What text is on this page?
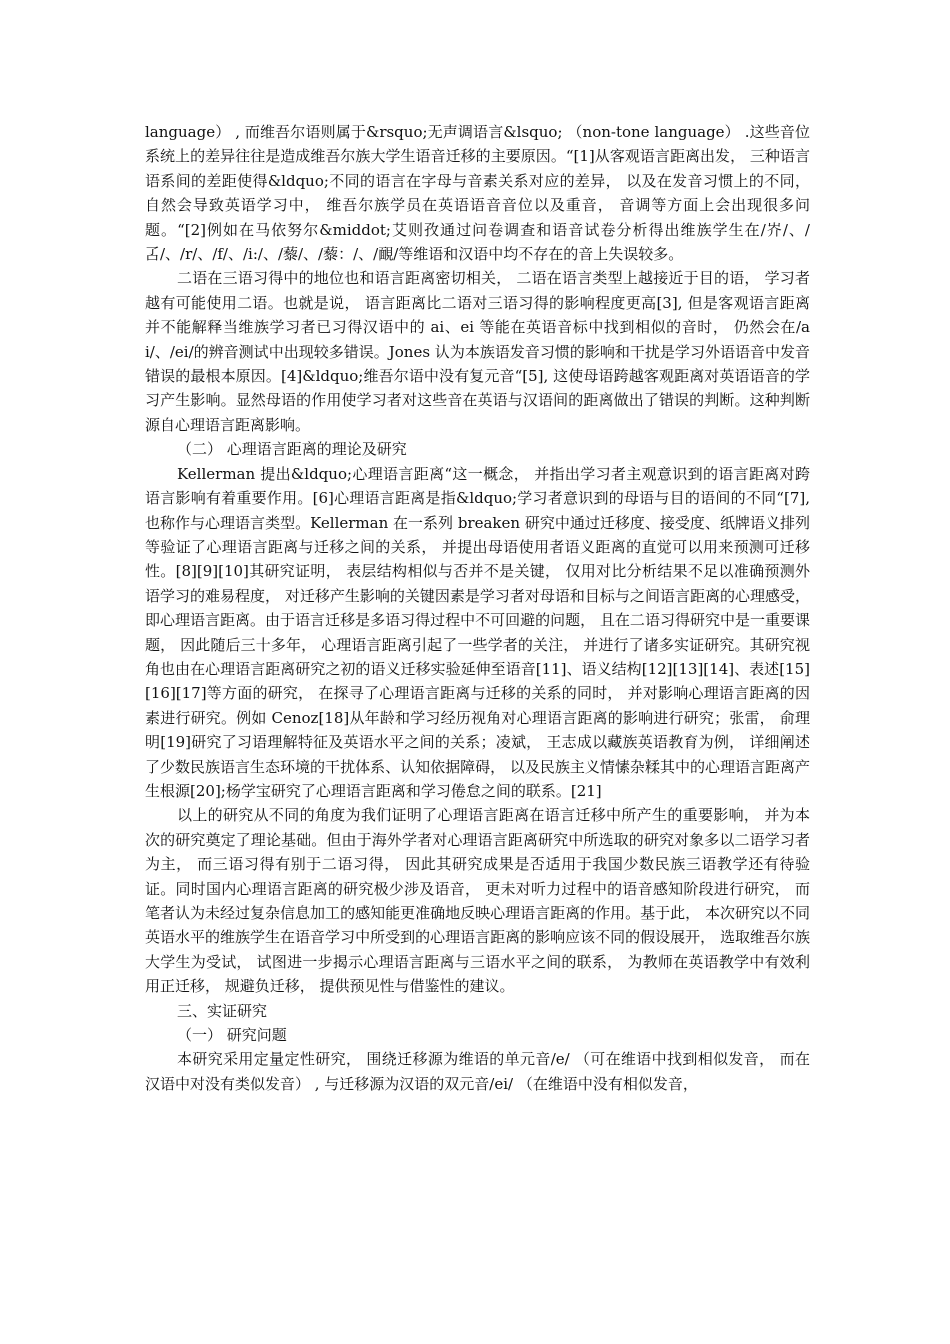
language） , 而维吾尔语则属于&rsquo;无声调语言&lsquo; （non-tone language） .这些音位系统上的差异往往是造成维吾尔族大学生语音迁移的主要原因。“[1]从客观语言距离出发， 三种语言语系间的差距使得&ldquo;不同的语言在字母与音素关系对应的差异， 以及在发音习惯上的不同， 自然会导致英语学习中， 维吾尔族学员在英语语音音位以及重音， 音调等方面上会出现很多问题。“[2]例如在马依努尔&middot;艾则孜通过问卷调查和语音试卷分析得出维族学生在/岕/、/叾/、/r/、/f/、/i:/、/藜/、/藜：/、/靦/等维语和汉语中均不存在的音上失误较多。

二语在三语习得中的地位也和语言距离密切相关， 二语在语言类型上越接近于目的语， 学习者越有可能使用二语。也就是说， 语言距离比二语对三语习得的影响程度更高[3], 但是客观语言距离并不能解释当维族学习者已习得汉语中的 ai、ei 等能在英语音标中找到相似的音时， 仍然会在/ai/、/ei/的辨音测试中出现较多错误。Jones 认为本族语发音习惯的影响和干扰是学习外语语音中发音错误的最根本原因。[4]&ldquo;维吾尔语中没有复元音“[5], 这使母语跨越客观距离对英语语音的学习产生影响。显然母语的作用使学习者对这些音在英语与汉语间的距离做出了错误的判断。这种判断源自心理语言距离影响。

（二） 心理语言距离的理论及研究

Kellerman 提出&ldquo;心理语言距离“这一概念， 并指出学习者主观意识到的语言距离对跨语言影响有着重要作用。[6]心理语言距离是指&ldquo;学习者意识到的母语与目的语间的不同“[7], 也称作与心理语言类型。Kellerman 在一系列 breaken 研究中通过迁移度、接受度、纸牌语义排列等验证了心理语言距离与迁移之间的关系， 并提出母语使用者语义距离的直觉可以用来预测可迁移性。[8][9][10]其研究证明， 表层结构相似与否并不是关键， 仅用对比分析结果不足以准确预测外语学习的难易程度， 对迁移产生影响的关键因素是学习者对母语和目标与之间语言距离的心理感受， 即心理语言距离。由于语言迁移是多语习得过程中不可回避的问题， 且在二语习得研究中是一重要课题， 因此随后三十多年， 心理语言距离引起了一些学者的关注， 并进行了诸多实证研究。其研究视角也由在心理语言距离研究之初的语义迁移实验延伸至语音[11]、语义结构[12][13][14]、表述[15][16][17]等方面的研究， 在探寻了心理语言距离与迁移的关系的同时， 并对影响心理语言距离的因素进行研究。例如 Cenoz[18]从年龄和学习经历视角对心理语言距离的影响进行研究；张雷， 俞理明[19]研究了习语理解特征及英语水平之间的关系；凌斌， 王志成以藏族英语教育为例， 详细阐述了少数民族语言生态环境的干扰体系、认知依据障碍， 以及民族主义情愫杂糅其中的心理语言距离产生根源[20];杨学宝研究了心理语言距离和学习倦怠之间的联系。[21]

以上的研究从不同的角度为我们证明了心理语言距离在语言迁移中所产生的重要影响， 并为本次的研究奠定了理论基础。但由于海外学者对心理语言距离研究中所选取的研究对象多以二语学习者为主， 而三语习得有别于二语习得， 因此其研究成果是否适用于我国少数民族三语教学还有待验证。同时国内心理语言距离的研究极少涉及语音， 更未对听力过程中的语音感知阶段进行研究， 而笔者认为未经过复杂信息加工的感知能更准确地反映心理语言距离的作用。基于此， 本次研究以不同英语水平的维族学生在语音学习中所受到的心理语言距离的影响应该不同的假设展开， 选取维吾尔族大学生为受试， 试图进一步揭示心理语言距离与三语水平之间的联系， 为教师在英语教学中有效利用正迁移， 规避负迁移， 提供预见性与借鉴性的建议。

三、实证研究

（一） 研究问题

本研究采用定量定性研究， 围绕迁移源为维语的单元音/e/ （可在维语中找到相似发音， 而在汉语中对没有类似发音） , 与迁移源为汉语的双元音/ei/ （在维语中没有相似发音，
